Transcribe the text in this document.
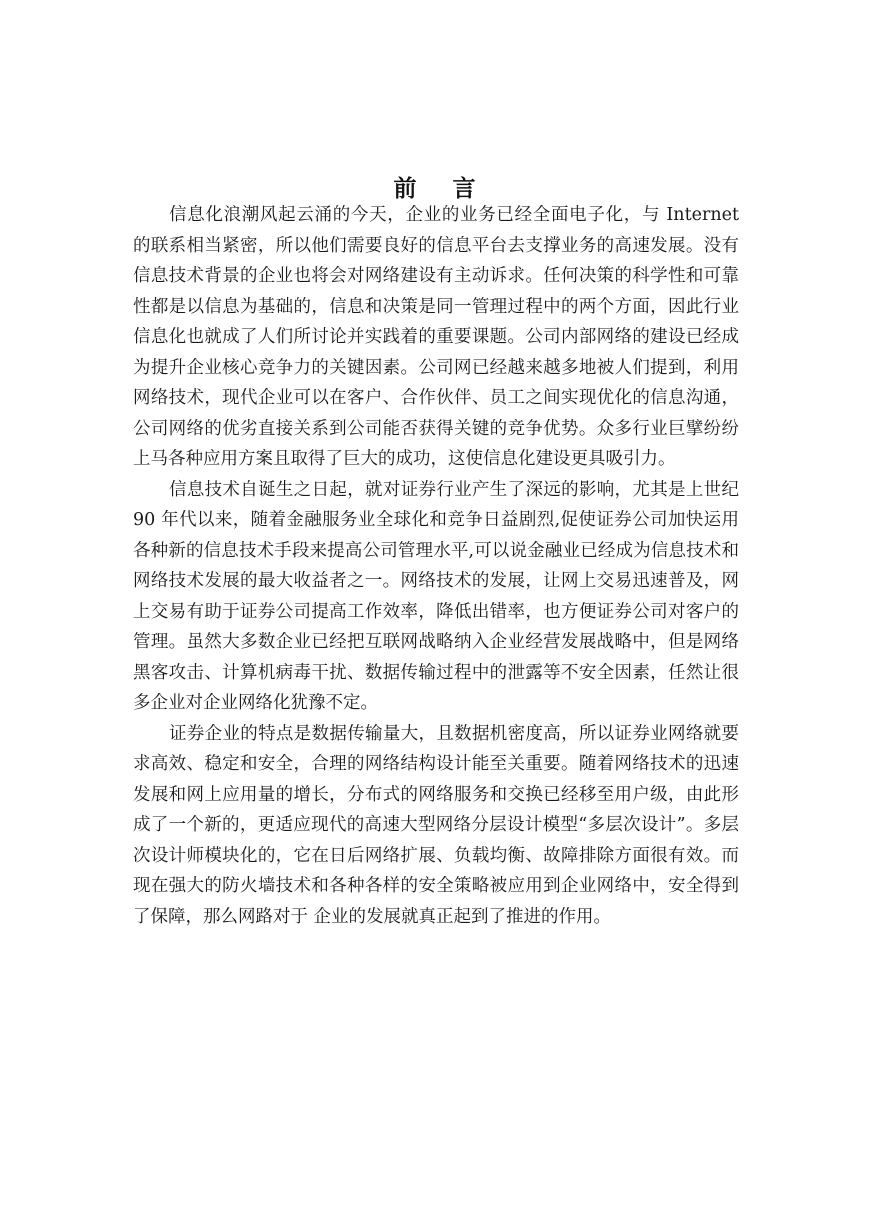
前 言

信息化浪潮风起云涌的今天，企业的业务已经全面电子化，与 Internet 的联系相当紧密，所以他们需要良好的信息平台去支撑业务的高速发展。没有信息技术背景的企业也将会对网络建设有主动诉求。任何决策的科学性和可靠性都是以信息为基础的，信息和决策是同一管理过程中的两个方面，因此行业信息化也就成了人们所讨论并实践着的重要课题。公司内部网络的建设已经成为提升企业核心竞争力的关键因素。公司网已经越来越多地被人们提到，利用网络技术，现代企业可以在客户、合作伙伴、员工之间实现优化的信息沟通，公司网络的优劣直接关系到公司能否获得关键的竞争优势。众多行业巨擘纷纷上马各种应用方案且取得了巨大的成功，这使信息化建设更具吸引力。

信息技术自诞生之日起，就对证券行业产生了深远的影响，尤其是上世纪 90 年代以来，随着金融服务业全球化和竞争日益剧烈,促使证券公司加快运用各种新的信息技术手段来提高公司管理水平,可以说金融业已经成为信息技术和网络技术发展的最大收益者之一。网络技术的发展，让网上交易迅速普及，网上交易有助于证券公司提高工作效率，降低出错率，也方便证券公司对客户的管理。虽然大多数企业已经把互联网战略纳入企业经营发展战略中，但是网络黑客攻击、计算机病毒干扰、数据传输过程中的泄露等不安全因素，任然让很多企业对企业网络化犹豫不定。

证券企业的特点是数据传输量大，且数据机密度高，所以证券业网络就要求高效、稳定和安全，合理的网络结构设计能至关重要。随着网络技术的迅速发展和网上应用量的增长，分布式的网络服务和交换已经移至用户级，由此形成了一个新的，更适应现代的高速大型网络分层设计模型“多层次设计”。多层次设计师模块化的，它在日后网络扩展、负载均衡、故障排除方面很有效。而现在强大的防火墙技术和各种各样的安全策略被应用到企业网络中，安全得到了保障，那么网路对于 企业的发展就真正起到了推进的作用。
